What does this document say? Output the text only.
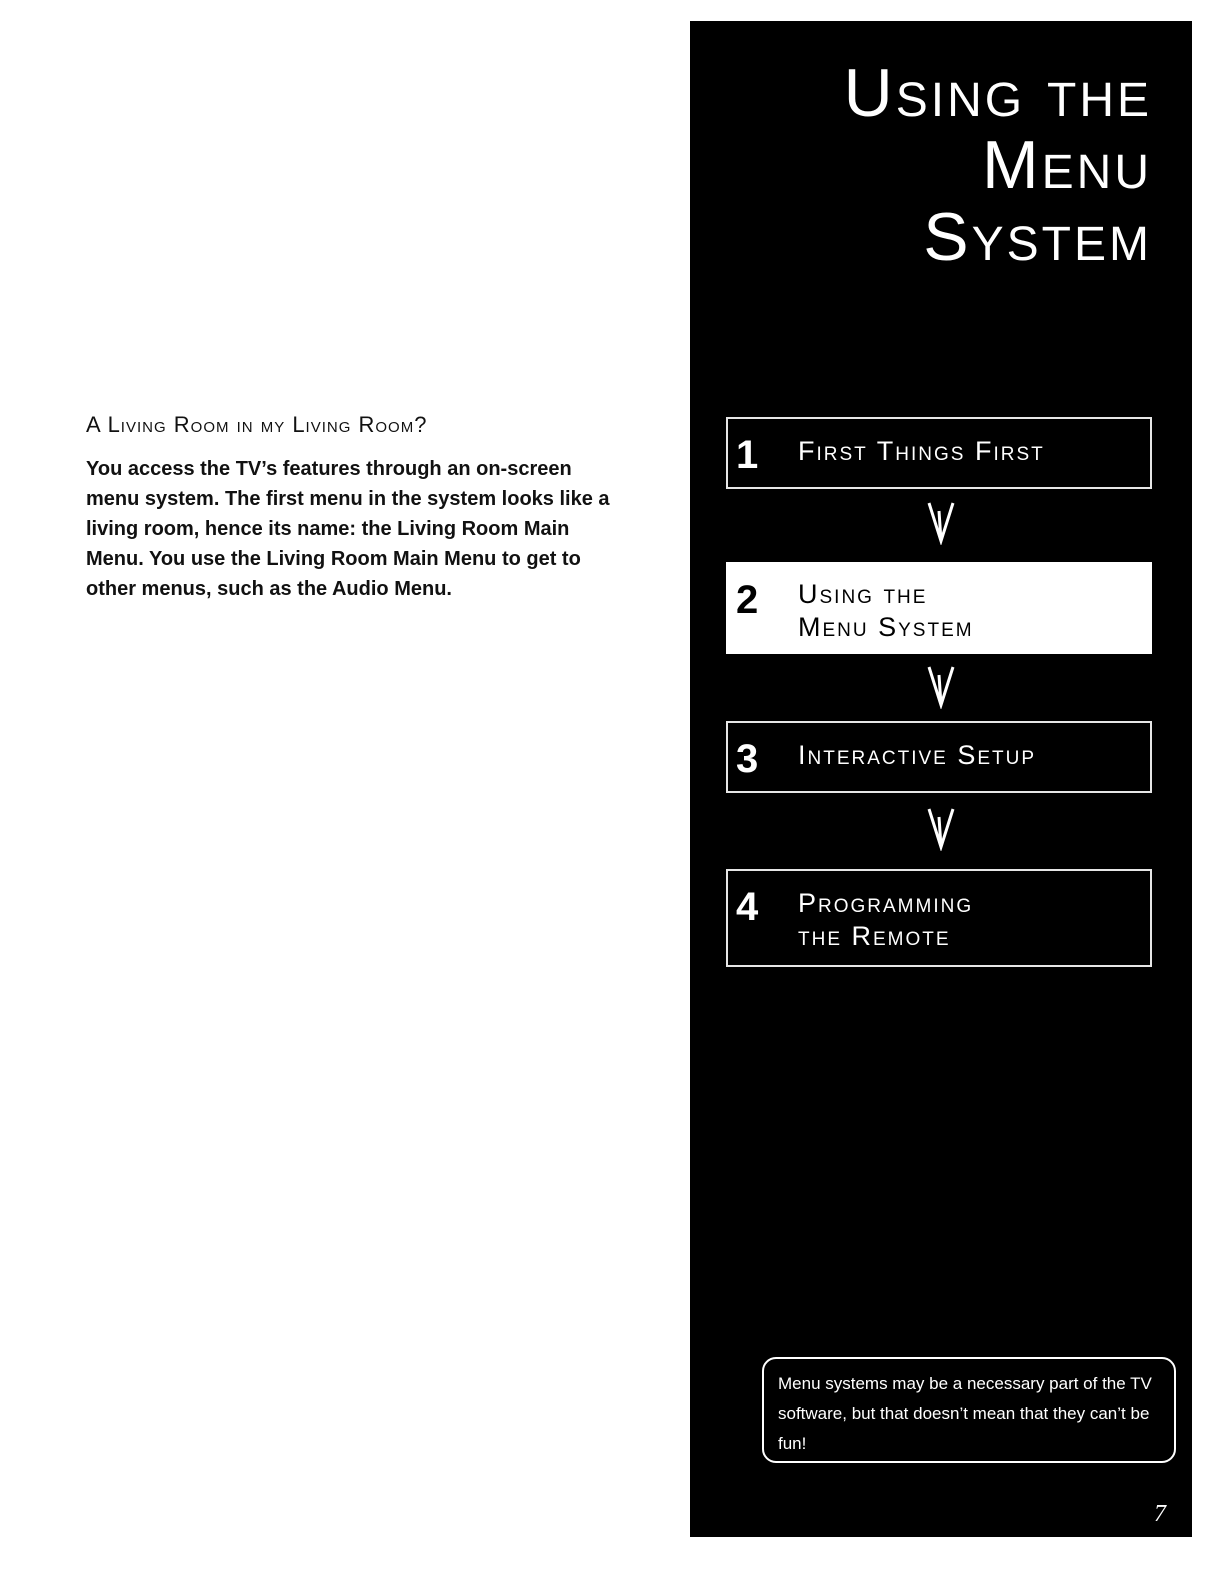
A Living Room in my Living Room?

You access the TV’s features through an on-screen menu system. The first menu in the system looks like a living room, hence its name: the Living Room Main Menu. You use the Living Room Main Menu to get to other menus, such as the Audio Menu.

Using the
Menu
System
1 First Things First
2 Using the
Menu System
3 Interactive Setup
4 Programming
the Remote
Menu systems may be a necessary part of the TV software, but that doesn’t mean that they can’t be fun!
7
